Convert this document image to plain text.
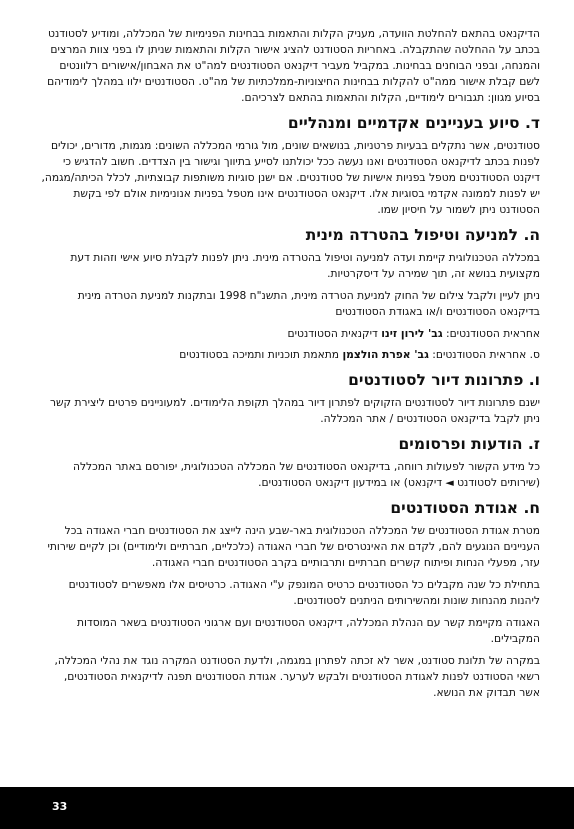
הדיקנאט בהתאם להחלטת הוועדה, מעניק הקלות והתאמות בבחינות הפנימיות של המכללה, ומודיע לסטודנט בכתב על ההחלטה שהתקבלה. באחריות הסטודנט להציג אישור הקלות והתאמות שניתן לו בפני צוות המרצים והמנחה, ובפני הבוחנים בבחינות. במקביל מעביר דיקנאט הסטודנטים למה"ט את האבחון/אישורים רלוונטים לשם קבלת אישור ממה"ט להקלות בבחינות החיצוניות-ממלכתיות של מה"ט. הסטודנטים ילוו במהלך לימודיהם בסיוע מגוון: תגבורים לימודיים, הקלות והתאמות בהתאם לצרכיהם.

ד. סיוע בעניינים אקדמיים ומנהליים

סטודנטים, אשר נתקלים בבעיות פרטניות, בנושאים שונים, מול גורמי המכללה השונים: מגמות, מדורים, יכולים לפנות בכתב לדיקנאט הסטודנטים ואנו נעשה ככל יכולתנו לסייע בתיווך וגישור בין הצדדים. חשוב להדגיש כי דיקנט הסטודנטים מטפל בפניות אישיות של סטודנטים. אם ישנן סוגיות משותפות קבוצתיות, לכלל הכיתה/מגמה, יש לפנות לממונה אקדמי בסוגיות אלו. דיקנאט הסטודנטים אינו מטפל בפניות אנונימיות אולם לפי בקשת הסטודנט ניתן לשמור על חיסיון שמו.

ה. למניעה וטיפול בהטרדה מינית

במכללה הטכנולוגית קיימת ועדה למניעה וטיפול בהטרדה מינית. ניתן לפנות לקבלת סיוע אישי וזהות דעת מקצועית בנושא זה, תוך שמירה על דיסקרטיות.

ניתן לעיין ולקבל צילום של החוק למניעת הטרדה מינית, התשנ"ח 1998 ובתקנות למניעת הטרדה מינית בדיקנאט הסטודנטים ו/או באגודת הסטודנטים

אחראית הסטודנטים: גב' לירון זינו דיקנאית הסטודנטים
ס. אחראית הסטודנטים: גב' אפרת הולצמן מתאמת תוכניות ותמיכה בסטודנטים
ו. פתרונות דיור לסטודנטים

ישנם פתרונות דיור לסטודנטים הזקוקים לפתרון דיור במהלך תקופת הלימודים. למעוניינים פרטים ליצירת קשר ניתן לקבל בדיקנאט הסטודנטים / אתר המכללה.

ז. הודעות ופרסומים

כל מידע הקשור לפעולות רווחה, בדיקנאט הסטודנטים של המכללה הטכנולוגית, יפורסם באתר המכללה (שירותים לסטודנט ◄ דיקנאט) או במידעון דיקנאט הסטודנטים.

ח. אגודת הסטודנטים

מטרת אגודת הסטודנטים של המכללה הטכנולוגית באר-שבע הינה לייצג את הסטודנטים חברי האגודה בכל העניינים הנוגעים להם, לקדם את האינטרסים של חברי האגודה (כלכליים, חברתיים ולימודיים) וכן לקיים שירותי עזר, מפעלי הנחות ופיתוח קשרים חברתיים ותרבותיים בקרב הסטודנטים חברי האגודה.

בתחילת כל שנה מקבלים כל הסטודנטים כרטיס המונפק ע"י האגודה. כרטיסים אלו מאפשרים לסטודנטים ליהנות מהנחות שונות ומהשירותים הניתנים לסטודנטים.

האגודה מקיימת קשר עם הנהלת המכללה, דיקנאט הסטודנטים ועם ארגוני הסטודנטים בשאר המוסדות המקבילים.

במקרה של תלונת סטודנט, אשר לא זכתה לפתרון במגמה, ולדעת הסטודנט המקרה נוגד את נהלי המכללה, רשאי הסטודנט לפנות לאגודת הסטודנטים ולבקש לערער. אגודת הסטודנטים תפנה לדיקנאית הסטודנטים, אשר תבדוק את הנושא.

33
